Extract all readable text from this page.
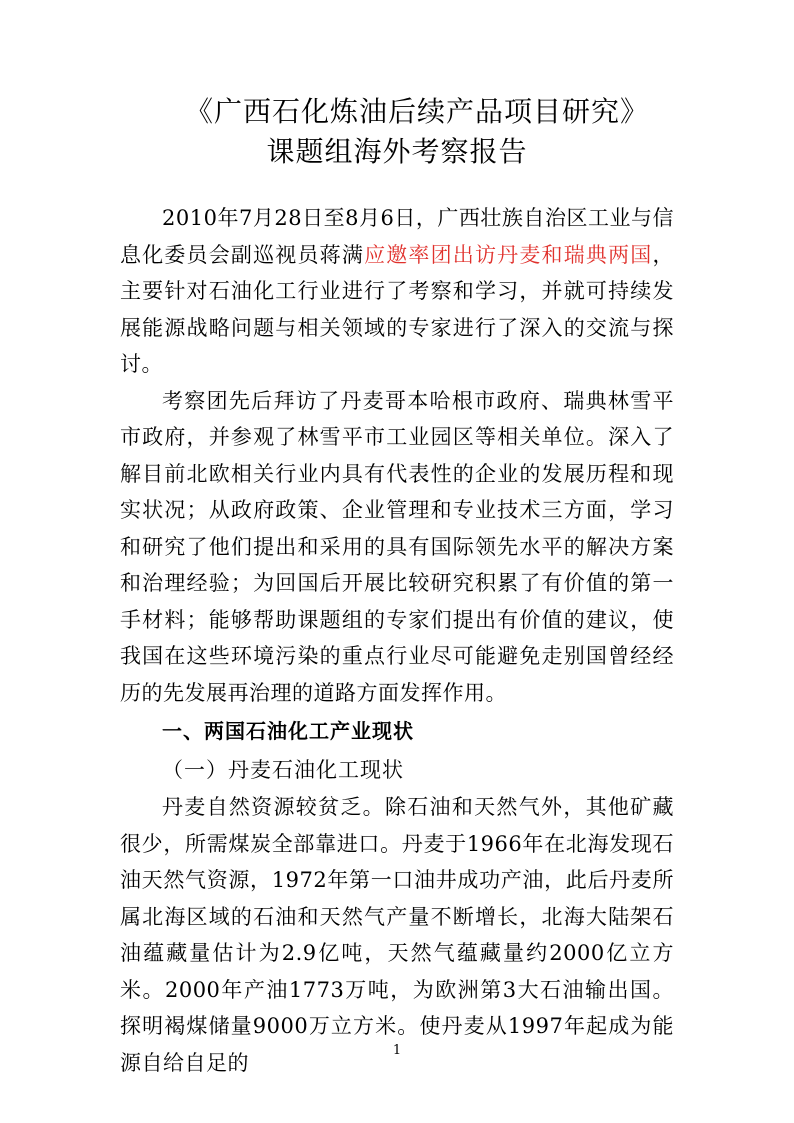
《广西石化炼油后续产品项目研究》
课题组海外考察报告

2010年7月28日至8月6日，广西壮族自治区工业与信息化委员会副巡视员蒋满应邀率团出访丹麦和瑞典两国，主要针对石油化工行业进行了考察和学习，并就可持续发展能源战略问题与相关领域的专家进行了深入的交流与探讨。

考察团先后拜访了丹麦哥本哈根市政府、瑞典林雪平市政府，并参观了林雪平市工业园区等相关单位。深入了解目前北欧相关行业内具有代表性的企业的发展历程和现实状况；从政府政策、企业管理和专业技术三方面，学习和研究了他们提出和采用的具有国际领先水平的解决方案和治理经验；为回国后开展比较研究积累了有价值的第一手材料；能够帮助课题组的专家们提出有价值的建议，使我国在这些环境污染的重点行业尽可能避免走别国曾经经历的先发展再治理的道路方面发挥作用。

一、两国石油化工产业现状

（一）丹麦石油化工现状

丹麦自然资源较贫乏。除石油和天然气外，其他矿藏很少，所需煤炭全部靠进口。丹麦于1966年在北海发现石油天然气资源，1972年第一口油井成功产油，此后丹麦所属北海区域的石油和天然气产量不断增长，北海大陆架石油蕴藏量估计为2.9亿吨，天然气蕴藏量约2000亿立方米。2000年产油1773万吨，为欧洲第3大石油输出国。探明褐煤储量9000万立方米。使丹麦从1997年起成为能源自给自足的	1
